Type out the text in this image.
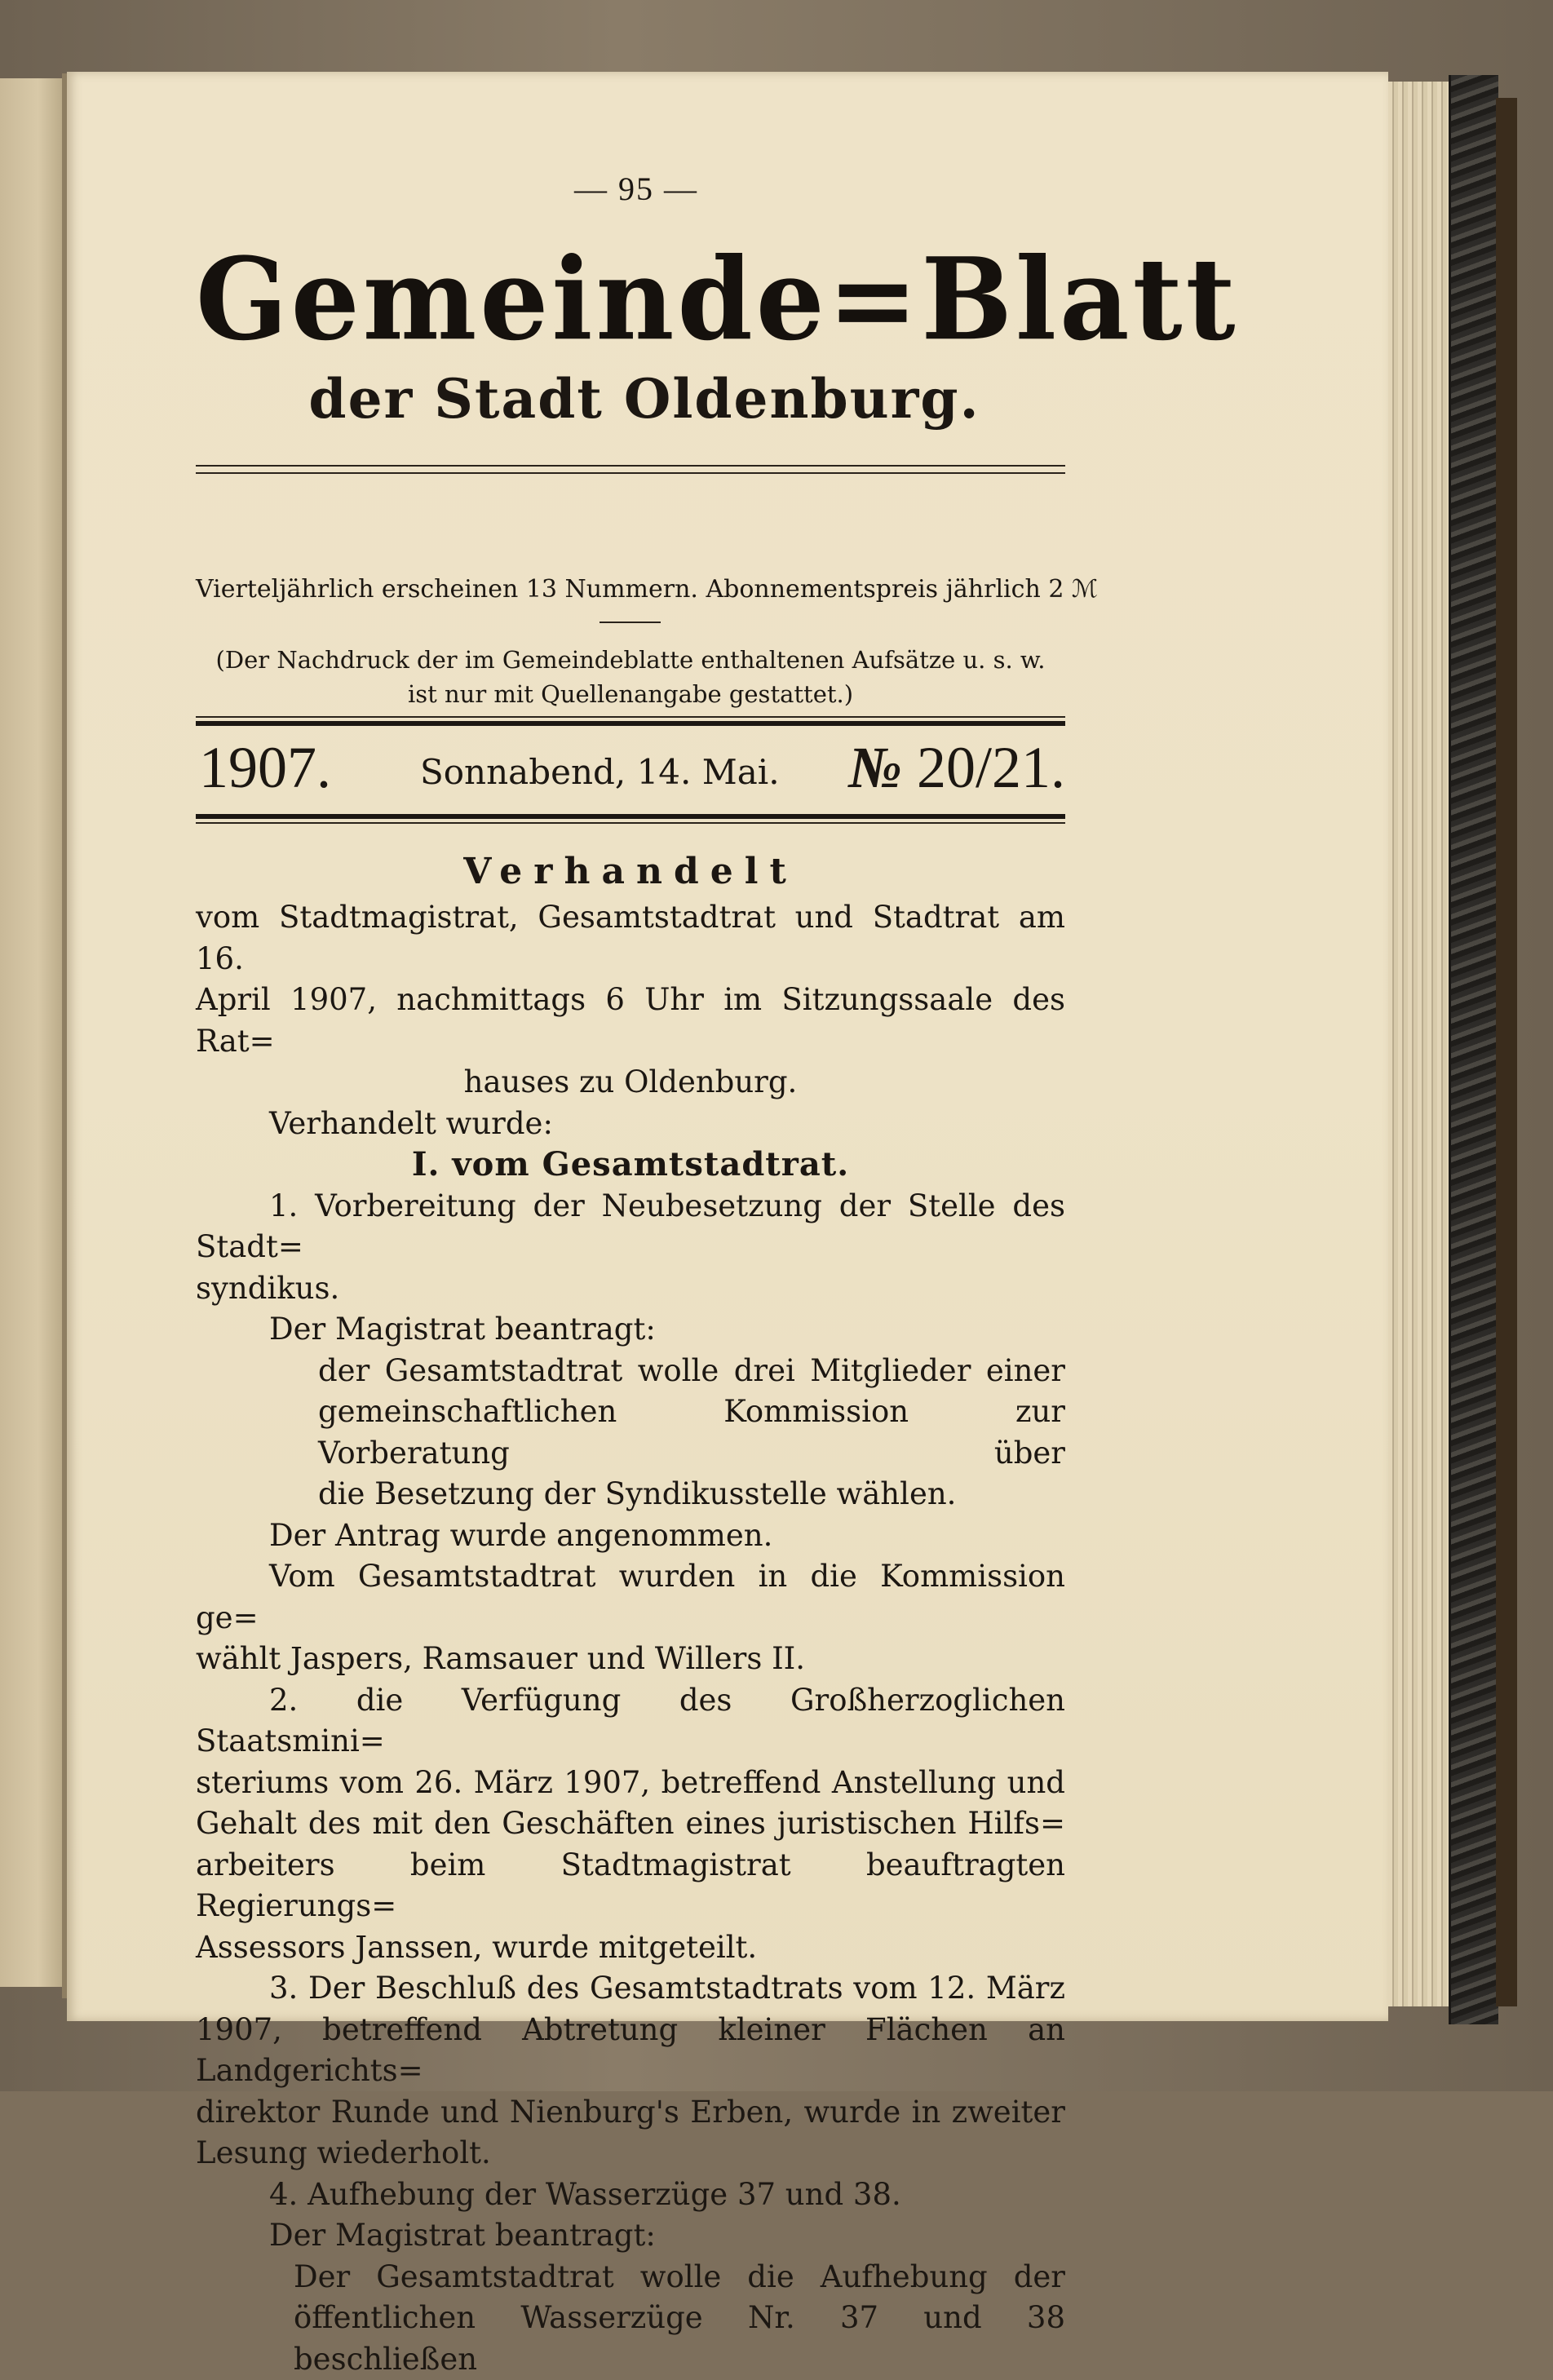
— 95 —
Gemeinde=Blatt
der Stadt Oldenburg.
Vierteljährlich erscheinen 13 Nummern. Abonnementspreis jährlich 2 ℳ
(Der Nachdruck der im Gemeindeblatte enthaltenen Aufsätze u. s. w.
ist nur mit Quellenangabe gestattet.)
1907.	Sonnabend, 14. Mai. № 20/21.

Verhandelt

vom Stadtmagistrat, Gesamtstadtrat und Stadtrat am 16.

April 1907, nachmittags 6 Uhr im Sitzungssaale des Rat=

hauses zu Oldenburg.

Verhandelt wurde:

I. vom Gesamtstadtrat.

1. Vorbereitung der Neubesetzung der Stelle des Stadt=

syndikus.

Der Magistrat beantragt:

der Gesamtstadtrat wolle drei Mitglieder einer

gemeinschaftlichen Kommission zur Vorberatung über

die Besetzung der Syndikusstelle wählen.

Der Antrag wurde angenommen.

Vom Gesamtstadtrat wurden in die Kommission ge=

wählt Jaspers, Ramsauer und Willers II.

2. die Verfügung des Großherzoglichen Staatsmini=

steriums vom 26. März 1907, betreffend Anstellung und

Gehalt des mit den Geschäften eines juristischen Hilfs=

arbeiters beim Stadtmagistrat beauftragten Regierungs=

Assessors Janssen, wurde mitgeteilt.

3. Der Beschluß des Gesamtstadtrats vom 12. März

1907, betreffend Abtretung kleiner Flächen an Landgerichts=

direktor Runde und Nienburg's Erben, wurde in zweiter

Lesung wiederholt.

4. Aufhebung der Wasserzüge 37 und 38.

Der Magistrat beantragt:

Der Gesamtstadtrat wolle die Aufhebung der

öffentlichen Wasserzüge Nr. 37 und 38 beschließen
